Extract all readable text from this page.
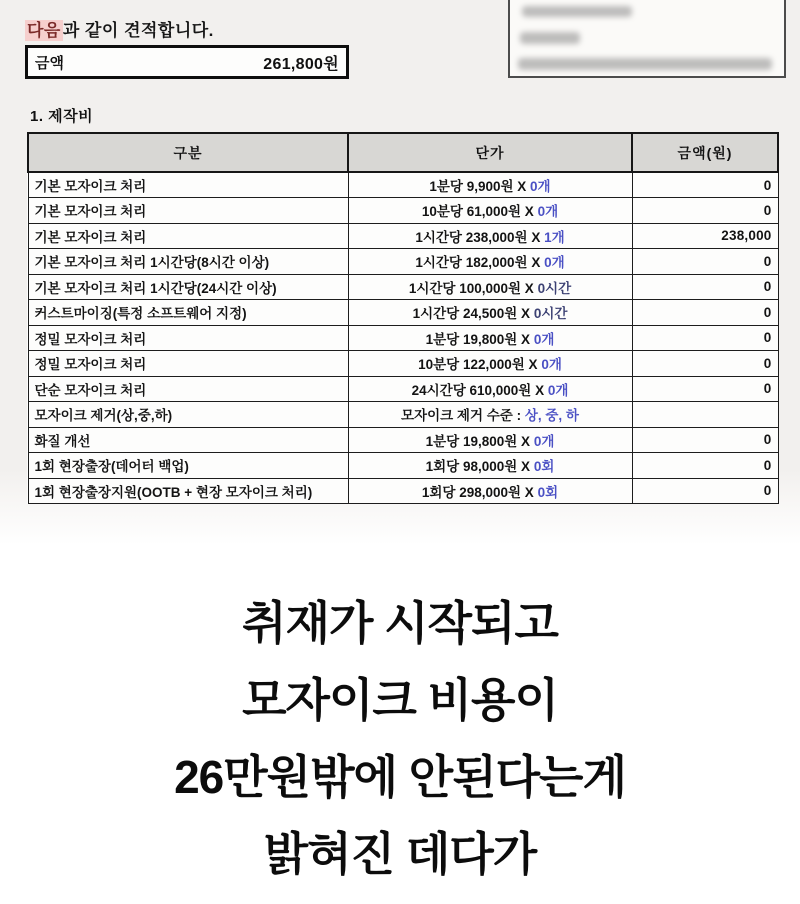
다음 과 같이 견적합니다.
금액	261,800원
1. 제작비
구분	단가	금액(원)
기본 모자이크 처리	1분당 9,900원 X 0개	0
기본 모자이크 처리	10분당 61,000원 X 0개	0
기본 모자이크 처리	1시간당 238,000원 X 1개	238,000
기본 모자이크 처리 1시간당(8시간 이상)	1시간당 182,000원 X 0개	0
기본 모자이크 처리 1시간당(24시간 이상)	1시간당 100,000원 X 0시간	0
커스트마이징(특정 소프트웨어 지정)	1시간당 24,500원 X 0시간	0
정밀 모자이크 처리	1분당 19,800원 X 0개	0
정밀 모자이크 처리	10분당 122,000원 X 0개	0
단순 모자이크 처리	24시간당 610,000원 X 0개	0
모자이크 제거(상,중,하)	모자이크 제거 수준 : 상, 중, 하	
화질 개선	1분당 19,800원 X 0개	0
1회 현장출장(데어터 백업)	1회당 98,000원 X 0회	0
1회 현장출장지원(OOTB + 현장 모자이크 처리)	1회당 298,000원 X 0회	0
취재가 시작되고
모자이크 비용이
26만원밖에 안된다는게
밝혀진 데다가
